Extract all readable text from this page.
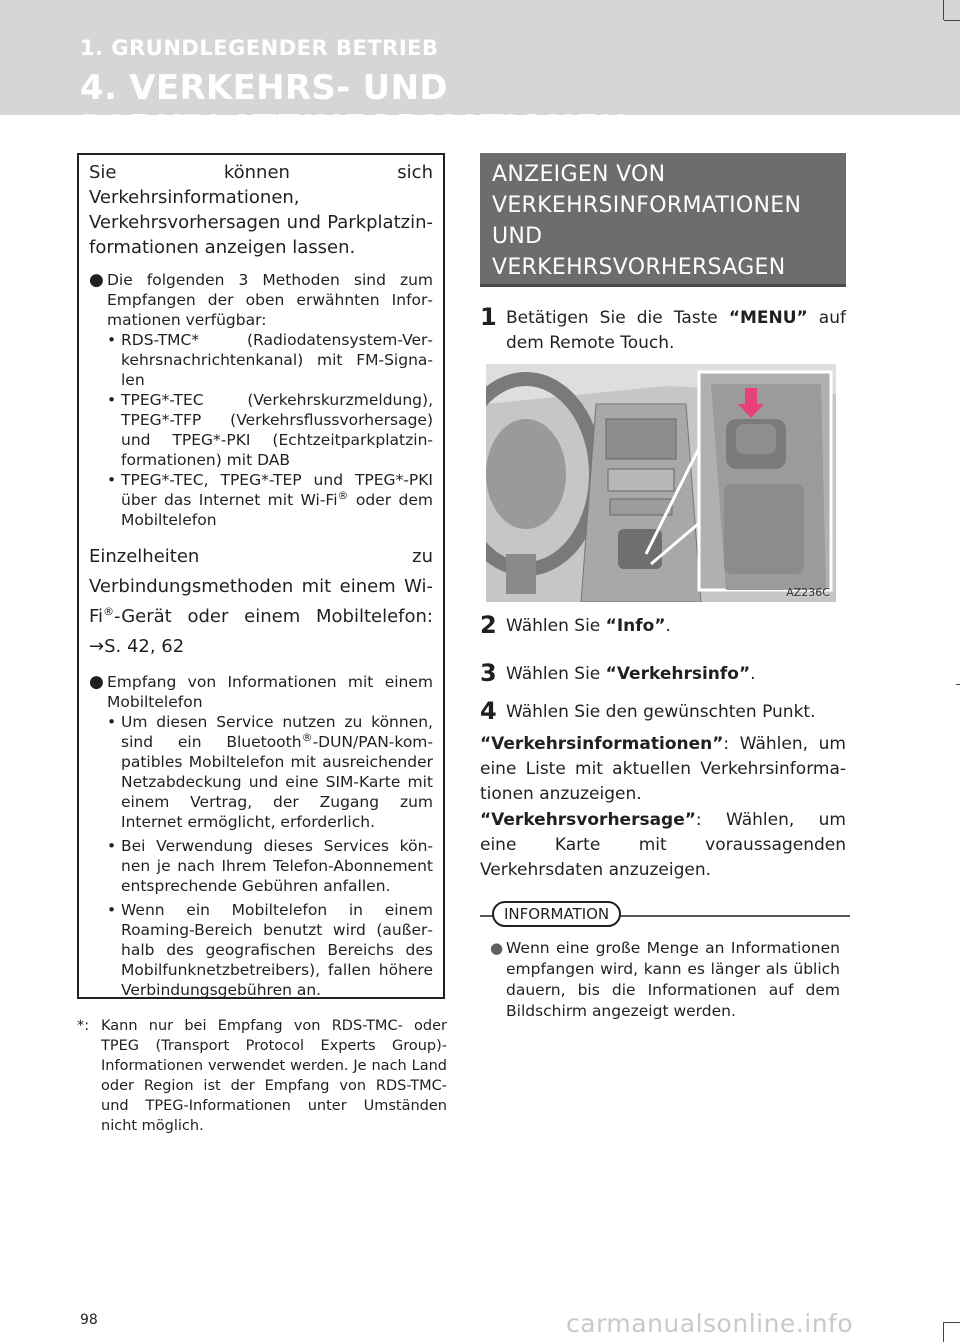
1. GRUNDLEGENDER BETRIEB
4. VERKEHRS- UND PARKPLATZINFORMATIONEN
Sie können sich Verkehrsinformationen, Verkehrsvorhersagen und Parkplatzinformationen anzeigen lassen.
● Die folgenden 3 Methoden sind zum Empfangen der oben erwähnten Informationen verfügbar:
• RDS-TMC* (Radiodatensystem-Verkehrsnachrichtenkanal) mit FM-Signalen
• TPEG*-TEC (Verkehrskurzmeldung), TPEG*-TFP (Verkehrsflussvorhersage) und TPEG*-PKI (Echtzeitparkplatzinformationen) mit DAB
• TPEG*-TEC, TPEG*-TEP und TPEG*-PKI über das Internet mit Wi-Fi® oder dem Mobiltelefon
Einzelheiten zu Verbindungsmethoden mit einem Wi-Fi®-Gerät oder einem Mobiltelefon: →S. 42, 62
● Empfang von Informationen mit einem Mobiltelefon
• Um diesen Service nutzen zu können, sind ein Bluetooth®-DUN/PAN-kompatibles Mobiltelefon mit ausreichender Netzabdeckung und eine SIM-Karte mit einem Vertrag, der Zugang zum Internet ermöglicht, erforderlich.
• Bei Verwendung dieses Services können je nach Ihrem Telefon-Abonnement entsprechende Gebühren anfallen.
• Wenn ein Mobiltelefon in einem Roaming-Bereich benutzt wird (außerhalb des geografischen Bereichs des Mobilfunknetzbetreibers), fallen höhere Verbindungsgebühren an.
*: Kann nur bei Empfang von RDS-TMC- oder TPEG (Transport Protocol Experts Group)-Informationen verwendet werden. Je nach Land oder Region ist der Empfang von RDS-TMC- und TPEG-Informationen unter Umständen nicht möglich.
ANZEIGEN VON
VERKEHRSINFORMATIONEN
UND
VERKEHRSVORHERSAGEN
1 Betätigen Sie die Taste “MENU” auf dem Remote Touch.
AZ236C
2 Wählen Sie “Info”.
3 Wählen Sie “Verkehrsinfo”.
4 Wählen Sie den gewünschten Punkt.
“Verkehrsinformationen”: Wählen, um eine Liste mit aktuellen Verkehrsinformationen anzuzeigen.
“Verkehrsvorhersage”: Wählen, um eine Karte mit voraussagenden Verkehrsdaten anzuzeigen.
INFORMATION
● Wenn eine große Menge an Informationen empfangen wird, kann es länger als üblich dauern, bis die Informationen auf dem Bildschirm angezeigt werden.
98	carmanualsonline.info
